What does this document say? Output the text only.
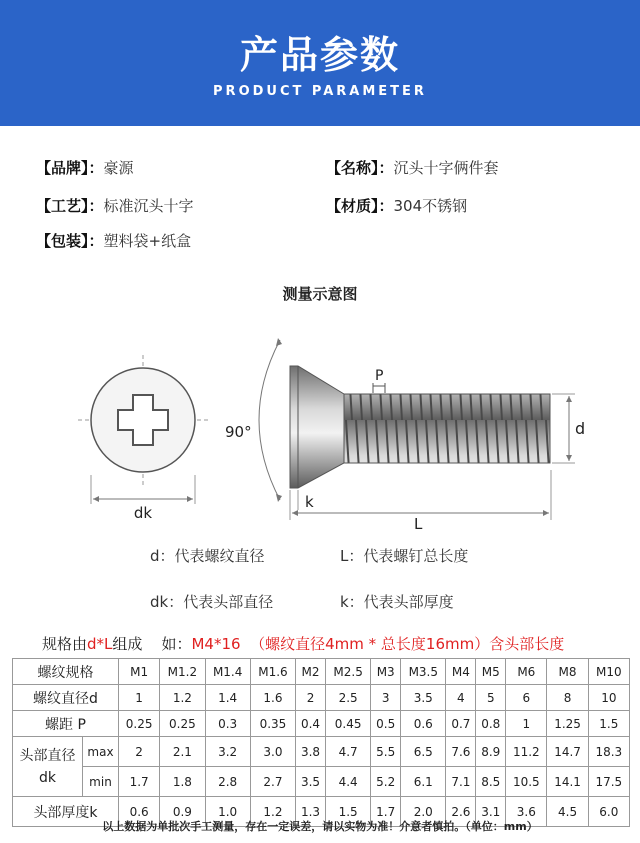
产品参数
PRODUCT PARAMETER
【品牌】：豪源	【名称】：沉头十字俩件套
【工艺】：标准沉头十字	【材质】：304不锈钢
【包装】：塑料袋+纸盒
测量示意图
dk
90°
P
d
k
L
d：代表螺纹直径	L：代表螺钉总长度
dk：代表头部直径	k：代表头部厚度
规格由d*L组成    如：M4*16  （螺纹直径4mm * 总长度16mm）含头部长度
螺纹规格		M1	M1.2	M1.4	M1.6	M2	M2.5	M3	M3.5	M4	M5	M6	M8	M10
螺纹直径d		1	1.2	1.4	1.6	2	2.5	3	3.5	4	5	6	8	10
螺距 P		0.25	0.25	0.3	0.35	0.4	0.45	0.5	0.6	0.7	0.8	1	1.25	1.5
头部直径
dk	max	2	2.1	3.2	3.0	3.8	4.7	5.5	6.5	7.6	8.9	11.2	14.7	18.3
	min	1.7	1.8	2.8	2.7	3.5	4.4	5.2	6.1	7.1	8.5	10.5	14.1	17.5
头部厚度k		0.6	0.9	1.0	1.2	1.3	1.5	1.7	2.0	2.6	3.1	3.6	4.5	6.0
以上数据为单批次手工测量，存在一定误差，请以实物为准！介意者慎拍。（单位：mm）
